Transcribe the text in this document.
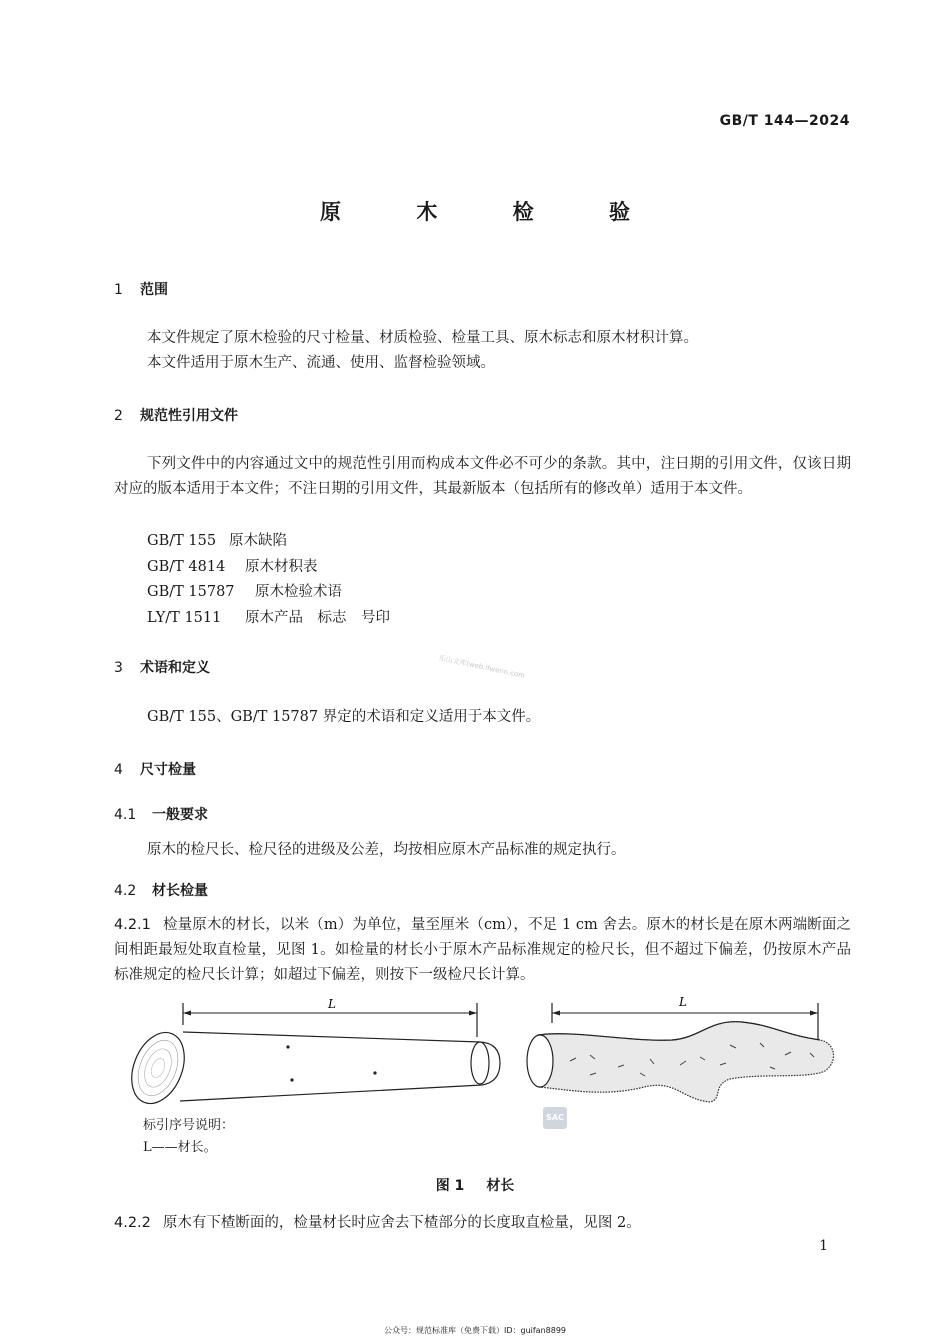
GB/T 144—2024
原 木 检 验
1 范围
本文件规定了原木检验的尺寸检量、材质检验、检量工具、原木标志和原木材积计算。
本文件适用于原木生产、流通、使用、监督检验领域。
2 规范性引用文件
下列文件中的内容通过文中的规范性引用而构成本文件必不可少的条款。其中，注日期的引用文件，仅该日期对应的版本适用于本文件；不注日期的引用文件，其最新版本（包括所有的修改单）适用于本文件。
GB/T 155 原木缺陷
GB/T 4814 原木材积表
GB/T 15787 原木检验术语
LY/T 1511 原木产品　标志　号印
3 术语和定义	乐山文库(web.lfwenn.com
GB/T 155、GB/T 15787 界定的术语和定义适用于本文件。
4 尺寸检量
4.1 一般要求
原木的检尺长、检尺径的进级及公差，均按相应原木产品标准的规定执行。
4.2 材长检量
4.2.1 检量原木的材长，以米（m）为单位，量至厘米（cm），不足 1 cm 舍去。原木的材长是在原木两端断面之间相距最短处取直检量，见图 1。如检量的材长小于原木产品标准规定的检尺长，但不超过下偏差，仍按原木产品标准规定的检尺长计算；如超过下偏差，则按下一级检尺长计算。
L	L
SAC
标引序号说明：
L——材长。
图 1 材长
4.2.2 原木有下楂断面的，检量材长时应舍去下楂部分的长度取直检量，见图 2。
1
公众号：规范标准库（免费下载）ID：guifan8899
